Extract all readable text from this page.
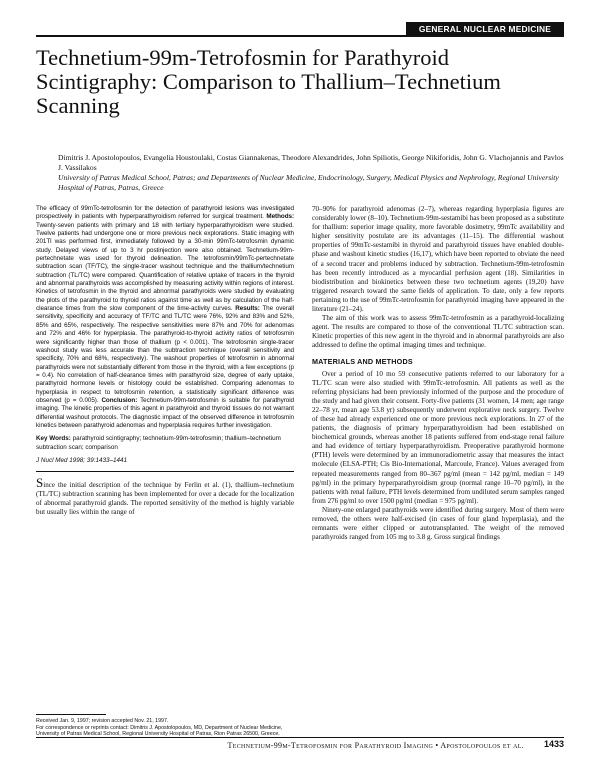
GENERAL NUCLEAR MEDICINE
Technetium-99m-Tetrofosmin for Parathyroid Scintigraphy: Comparison to Thallium–Technetium Scanning

Dimitris J. Apostolopoulos, Evangelia Houstoulaki, Costas Giannakenas, Theodore Alexandrides, John Spiliotis, George Nikiforidis, John G. Vlachojannis and Pavlos J. Vassilakos

University of Patras Medical School, Patras; and Departments of Nuclear Medicine, Endocrinology, Surgery, Medical Physics and Nephrology, Regional University Hospital of Patras, Patras, Greece

The efficacy of 99mTc-tetrofosmin for the detection of parathyroid lesions was investigated prospectively in patients with hyperparathyroidism referred for surgical treatment. Methods: Twenty-seven patients with primary and 18 with tertiary hyperparathyroidism were studied. Twelve patients had undergone one or more previous neck explorations. Static imaging with 201Tl was performed first, immediately followed by a 30-min 99mTc-tetrofosmin dynamic study. Delayed views of up to 3 hr postinjection were also obtained. Technetium-99m-pertechnetate was used for thyroid delineation. The tetrofosmin/99mTc-pertechnetate subtraction scan (TF/TC), the single-tracer washout technique and the thallium/technetium subtraction (TL/TC) were compared. Quantification of relative uptake of tracers in the thyroid and abnormal parathyroids was accomplished by measuring activity within regions of interest. Kinetics of tetrofosmin in the thyroid and abnormal parathyroids were studied by evaluating the plots of the parathyroid to thyroid ratios against time as well as by calculation of the half-clearance times from the slow component of the time-activity curves. Results: The overall sensitivity, specificity and accuracy of TF/TC and TL/TC were 76%, 92% and 83% and 52%, 85% and 65%, respectively. The respective sensitivities were 87% and 70% for adenomas and 72% and 46% for hyperplasia. The parathyroid-to-thyroid activity ratios of tetrofosmin were significantly higher than those of thallium (p < 0.001). The tetrofosmin single-tracer washout study was less accurate than the subtraction technique (overall sensitivity and specificity, 70% and 68%, respectively). The washout properties of tetrofosmin in abnormal parathyroids were not substantially different from those in the thyroid, with a few exceptions (p = 0.4). No correlation of half-clearance times with parathyroid size, degree of early uptake, parathyroid hormone levels or histology could be established. Comparing adenomas to hyperplasia in respect to tetrofosmin retention, a statistically significant difference was observed (p = 0.005). Conclusion: Technetium-99m-tetrofosmin is suitable for parathyroid imaging. The kinetic properties of this agent in parathyroid and thyroid tissues do not warrant differential washout protocols. The diagnostic impact of the observed difference in tetrofosmin kinetics between parathyroid adenomas and hyperplasia requires further investigation.

Key Words: parathyroid scintigraphy; technetium-99m-tetrofosmin; thallium–technetium subtraction scan; comparison

J Nucl Med 1998; 39:1433–1441

Since the initial description of the technique by Ferlin et al. (1), thallium–technetium (TL/TC) subtraction scanning has been implemented for over a decade for the localization of abnormal parathyroid glands. The reported sensitivity of the method is highly variable but usually lies within the range of

70–90% for parathyroid adenomas (2–7), whereas regarding hyperplasia figures are considerably lower (8–10). Technetium-99m-sestamibi has been proposed as a substitute for thallium: superior image quality, more favorable dosimetry, 99mTc availability and higher sensitivity postulate are its advantages (11–15). The differential washout properties of 99mTc-sestamibi in thyroid and parathyroid tissues have enabled double-phase and washout kinetic studies (16,17), which have been reported to obviate the need of a second tracer and problems induced by subtraction. Technetium-99m-tetrofosmin has been recently introduced as a myocardial perfusion agent (18). Similarities in biodistribution and biokinetics between these two technetium agents (19,20) have triggered research toward the same fields of application. To date, only a few reports pertaining to the use of 99mTc-tetrofosmin for parathyroid imaging have appeared in the literature (21–24).

The aim of this work was to assess 99mTc-tetrofosmin as a parathyroid-localizing agent. The results are compared to those of the conventional TL/TC subtraction scan. Kinetic properties of this new agent in the thyroid and in abnormal parathyroids are also addressed to define the optimal imaging times and technique.

MATERIALS AND METHODS

Over a period of 10 mo 59 consecutive patients referred to our laboratory for a TL/TC scan were also studied with 99mTc-tetrofosmin. All patients as well as the referring physicians had been previously informed of the purpose and the procedure of the study and had given their consent. Forty-five patients (31 women, 14 men; age range 22–78 yr, mean age 53.8 yr) subsequently underwent explorative neck surgery. Twelve of these had already experienced one or more previous neck explorations. In 27 of the patients, the diagnosis of primary hyperparathyroidism had been established on biochemical grounds, whereas another 18 patients suffered from end-stage renal failure and had evidence of tertiary hyperparathyroidism. Preoperative parathyroid hormone (PTH) levels were determined by an immunoradiometric assay that measures the intact molecule (ELSA-PTH; Cis Bio-International, Marcoule, France). Values averaged from repeated measurements ranged from 80–367 pg/ml (mean = 142 pg/ml, median = 149 pg/ml) in the primary hyperparathyroidism group (normal range 10–70 pg/ml), in the patients with renal failure, PTH levels determined from undiluted serum samples ranged from 276 pg/ml to over 1500 pg/ml (median = 975 pg/ml).

Ninety-one enlarged parathyroids were identified during surgery. Most of them were removed, the others were half-excised (in cases of four gland hyperplasia), and the remnants were either clipped or autotransplanted. The weight of the removed parathyroids ranged from 105 mg to 3.8 g. Gross surgical findings

Received Jan. 9, 1997; revision accepted Nov. 21, 1997.

For correspondence or reprints contact: Dimitris J. Apostolopoulos, MD, Department of Nuclear Medicine, University of Patras Medical School, Regional University Hospital of Patras, Rion Patras 26500, Greece.

Technetium-99m-Tetrofosmin for Parathyroid Imaging • Apostolopoulos et al. 1433
